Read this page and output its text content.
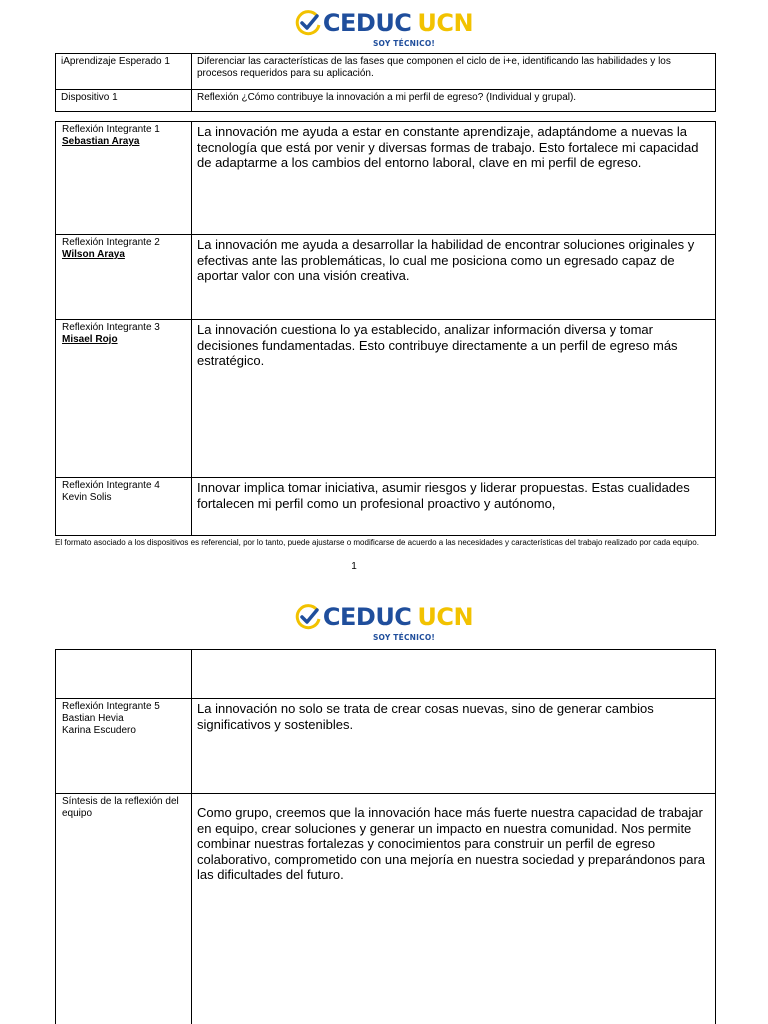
CEDUC UCN
SOY TÉCNICO!
iAprendizaje Esperado 1	Diferenciar las características de las fases que componen el ciclo de i+e, identificando las habilidades y los procesos requeridos para su aplicación.
Dispositivo 1	Reflexión ¿Cómo contribuye la innovación a mi perfil de egreso? (Individual y grupal).
Reflexión Integrante 1
Sebastian Araya	La innovación me ayuda a estar en constante aprendizaje, adaptándome a nuevas la tecnología que está por venir y diversas formas de trabajo. Esto fortalece mi capacidad de adaptarme a los cambios del entorno laboral, clave en mi perfil de egreso.

Reflexión Integrante 2
Wilson Araya	La innovación me ayuda a desarrollar la habilidad de encontrar soluciones originales y efectivas ante las problemáticas, lo cual me posiciona como un egresado capaz de aportar valor con una visión creativa.

Reflexión Integrante 3
Misael Rojo	La innovación cuestiona lo ya establecido, analizar información diversa y tomar decisiones fundamentadas. Esto contribuye directamente a un perfil de egreso más estratégico.

Reflexión Integrante 4
Kevin Solis	Innovar implica tomar iniciativa, asumir riesgos y liderar propuestas. Estas cualidades fortalecen mi perfil como un profesional proactivo y autónomo,
El formato asociado a los dispositivos es referencial, por lo tanto, puede ajustarse o modificarse de acuerdo a las necesidades y características del trabajo realizado por cada equipo.
1
CEDUC UCN
SOY TÉCNICO!

Reflexión Integrante 5
Bastian Hevia
Karina Escudero	La innovación no solo se trata de crear cosas nuevas, sino de generar cambios significativos y sostenibles.
Síntesis de la reflexión del equipo	Como grupo, creemos que la innovación hace más fuerte nuestra capacidad de trabajar en equipo, crear soluciones y generar un impacto en nuestra comunidad. Nos permite combinar nuestras fortalezas y conocimientos para construir un perfil de egreso colaborativo, comprometido con una mejoría en nuestra sociedad y preparándonos para las dificultades del futuro.
